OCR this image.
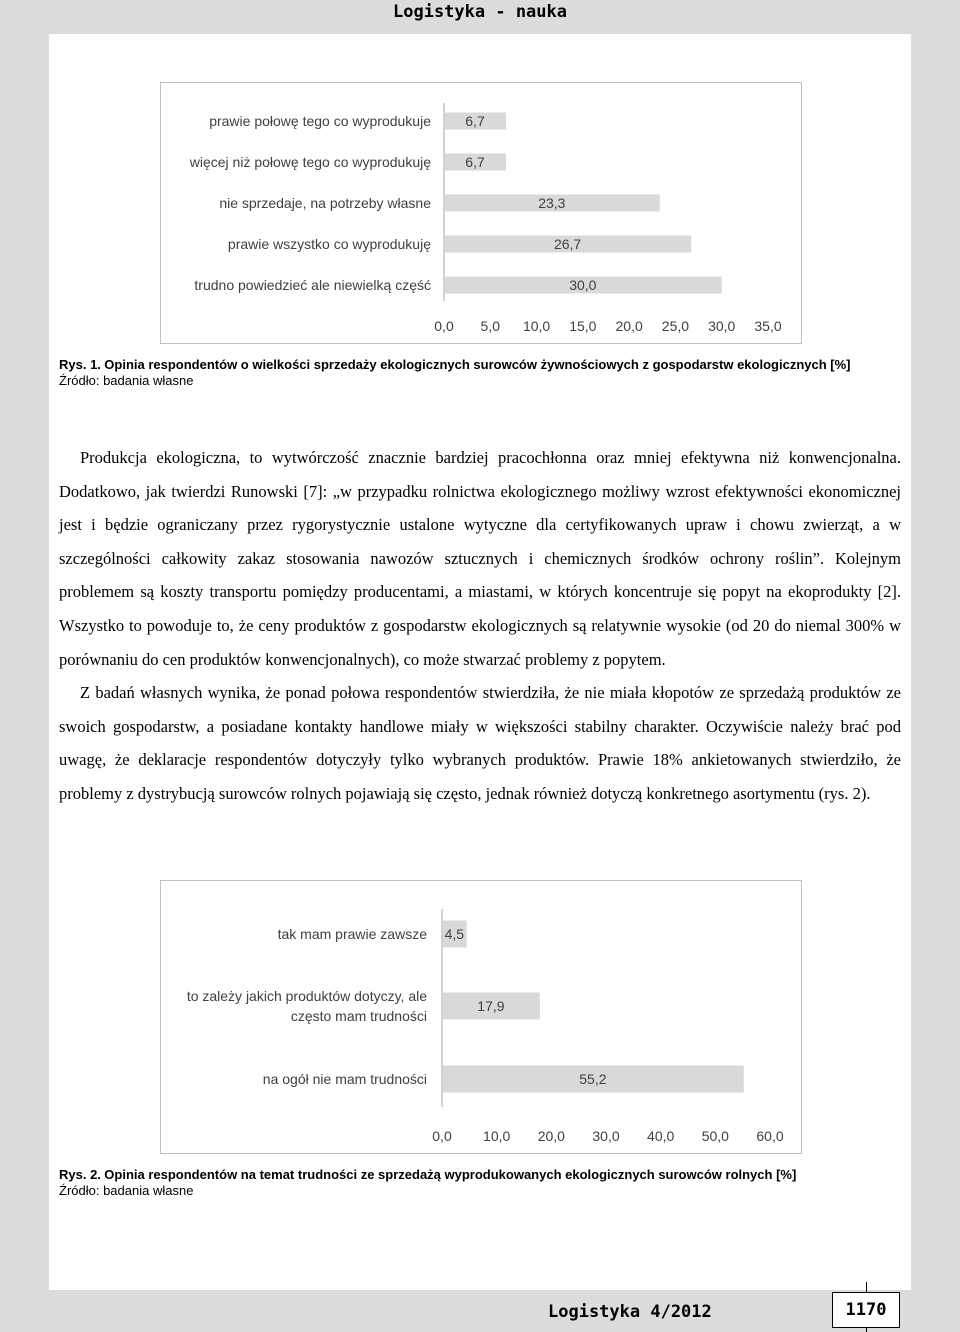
Logistyka - nauka
prawie połowę tego co wyprodukuje 6,7
więcej niż połowę tego co wyprodukuję 6,7
nie sprzedaje, na potrzeby własne	23,3
prawie wszystko co wyprodukuję	26,7
trudno powiedzieć ale niewielką część	30,0
0,0 5,0 10,0 15,0 20,0 25,0 30,0 35,0
Rys. 1. Opinia respondentów o wielkości sprzedaży ekologicznych surowców żywnościowych z gospodarstw ekologicznych [%]
Źródło: badania własne

Produkcja ekologiczna, to wytwórczość znacznie bardziej pracochłonna oraz mniej efektywna niż konwencjonalna. Dodatkowo, jak twierdzi Runowski [7]: „w przypadku rolnictwa ekologicznego możliwy wzrost efektywności ekonomicznej jest i będzie ograniczany przez rygorystycznie ustalone wytyczne dla certyfikowanych upraw i chowu zwierząt, a w szczególności całkowity zakaz stosowania nawozów sztucznych i chemicznych środków ochrony roślin”. Kolejnym problemem są koszty transportu pomiędzy producentami, a miastami, w których koncentruje się popyt na ekoprodukty [2]. Wszystko to powoduje to, że ceny produktów z gospodarstw ekologicznych są relatywnie wysokie (od 20 do niemal 300% w porównaniu do cen produktów konwencjonalnych), co może stwarzać problemy z popytem.

Z badań własnych wynika, że ponad połowa respondentów stwierdziła, że nie miała kłopotów ze sprzedażą produktów ze swoich gospodarstw, a posiadane kontakty handlowe miały w większości stabilny charakter. Oczywiście należy brać pod uwagę, że deklaracje respondentów dotyczyły tylko wybranych produktów. Prawie 18% ankietowanych stwierdziło, że problemy z dystrybucją surowców rolnych pojawiają się często, jednak również dotyczą konkretnego asortymentu (rys. 2).

tak mam prawie zawsze 4,5
to zależy jakich produktów dotyczy, ale
często mam trudności
17,9
na ogół nie mam trudności	55,2
0,0 10,0 20,0 30,0 40,0 50,0 60,0
Rys. 2. Opinia respondentów na temat trudności ze sprzedażą wyprodukowanych ekologicznych surowców rolnych [%]
Źródło: badania własne
Logistyka 4/2012	1170
